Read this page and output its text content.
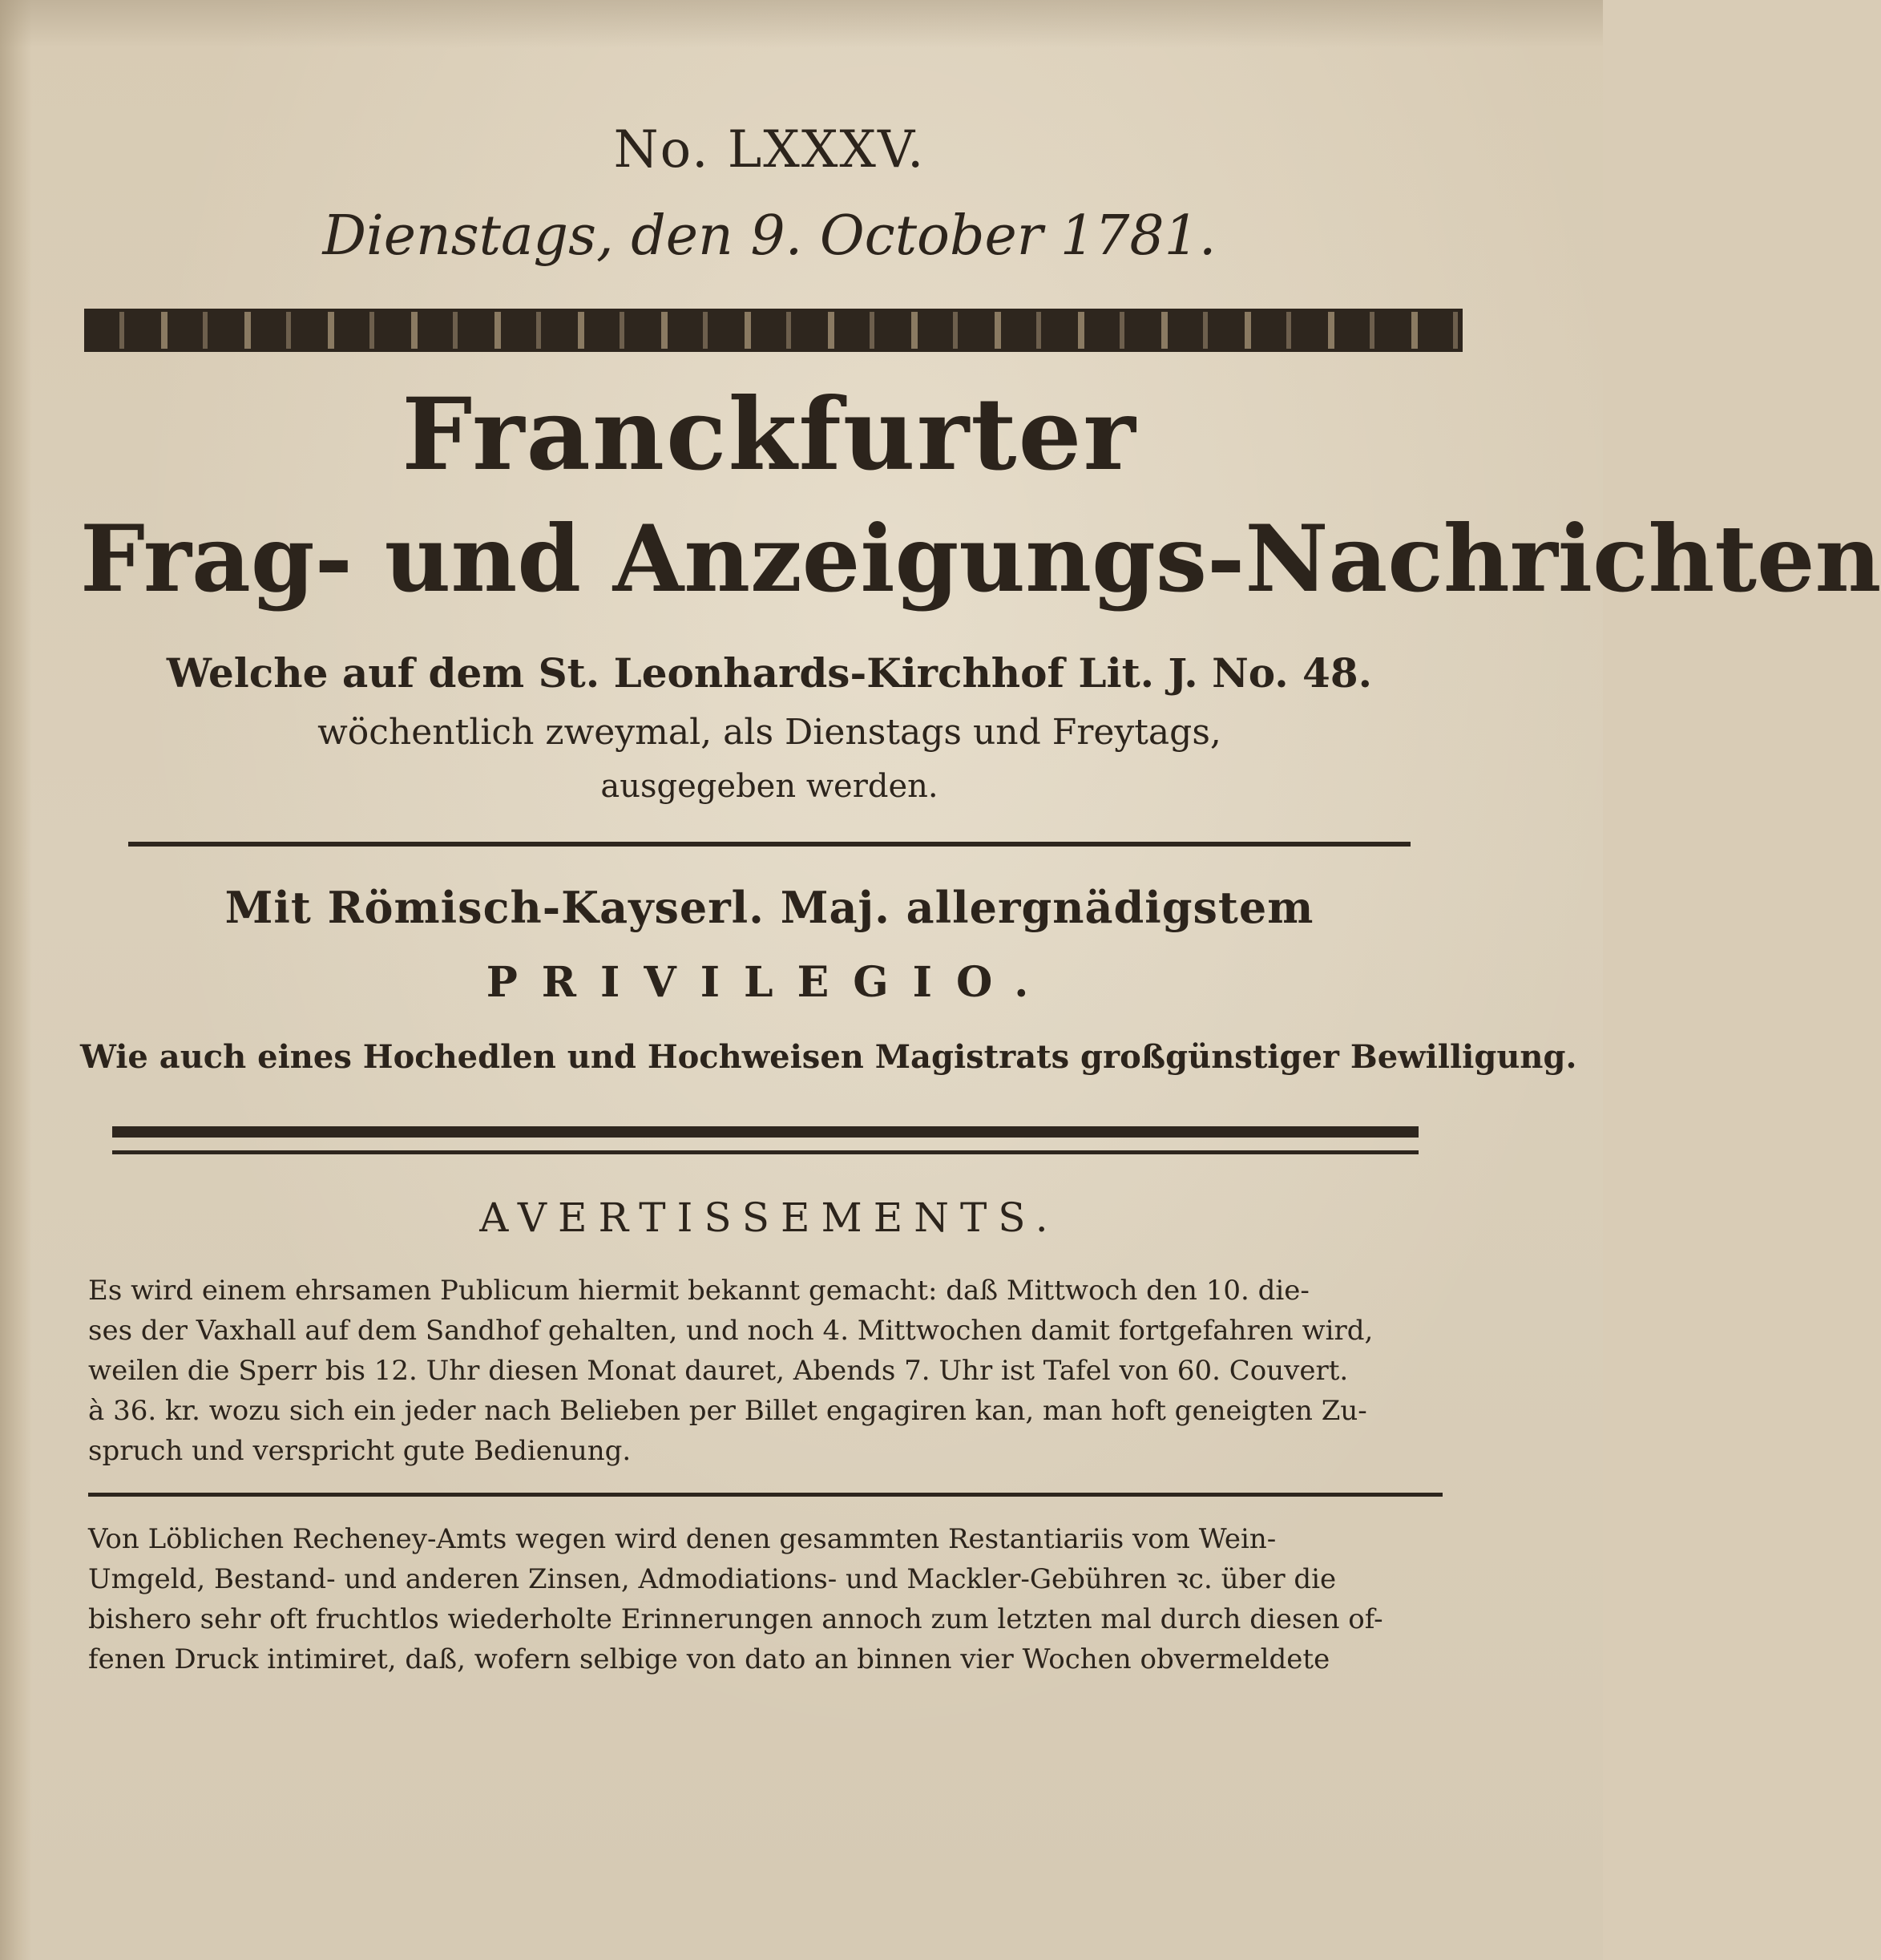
No. LXXXV.
Dienstags, den 9. October 1781.
Franckfurter
Frag- und Anzeigungs-Nachrichten
Welche auf dem St. Leonhards-Kirchhof Lit. J. No. 48.
wöchentlich zweymal, als Dienstags und Freytags,
ausgegeben werden.
Mit Römisch-Kayserl. Maj. allergnädigstem
PRIVILEGIO.
Wie auch eines Hochedlen und Hochweisen Magistrats großgünstiger Bewilligung.
AVERTISSEMENTS.
Es wird einem ehrsamen Publicum hiermit bekannt gemacht: daß Mittwoch den 10. die-
ses der Vaxhall auf dem Sandhof gehalten, und noch 4. Mittwochen damit fortgefahren wird,
weilen die Sperr bis 12. Uhr diesen Monat dauret, Abends 7. Uhr ist Tafel von 60. Couvert.
à 36. kr. wozu sich ein jeder nach Belieben per Billet engagiren kan, man hoft geneigten Zu-
spruch und verspricht gute Bedienung.
Von Löblichen Recheney-Amts wegen wird denen gesammten Restantiariis vom Wein-
Umgeld, Bestand- und anderen Zinsen, Admodiations- und Mackler-Gebühren ꝛc. über die
bishero sehr oft fruchtlos wiederholte Erinnerungen annoch zum letzten mal durch diesen of-
fenen Druck intimiret, daß, wofern selbige von dato an binnen vier Wochen obvermeldete
